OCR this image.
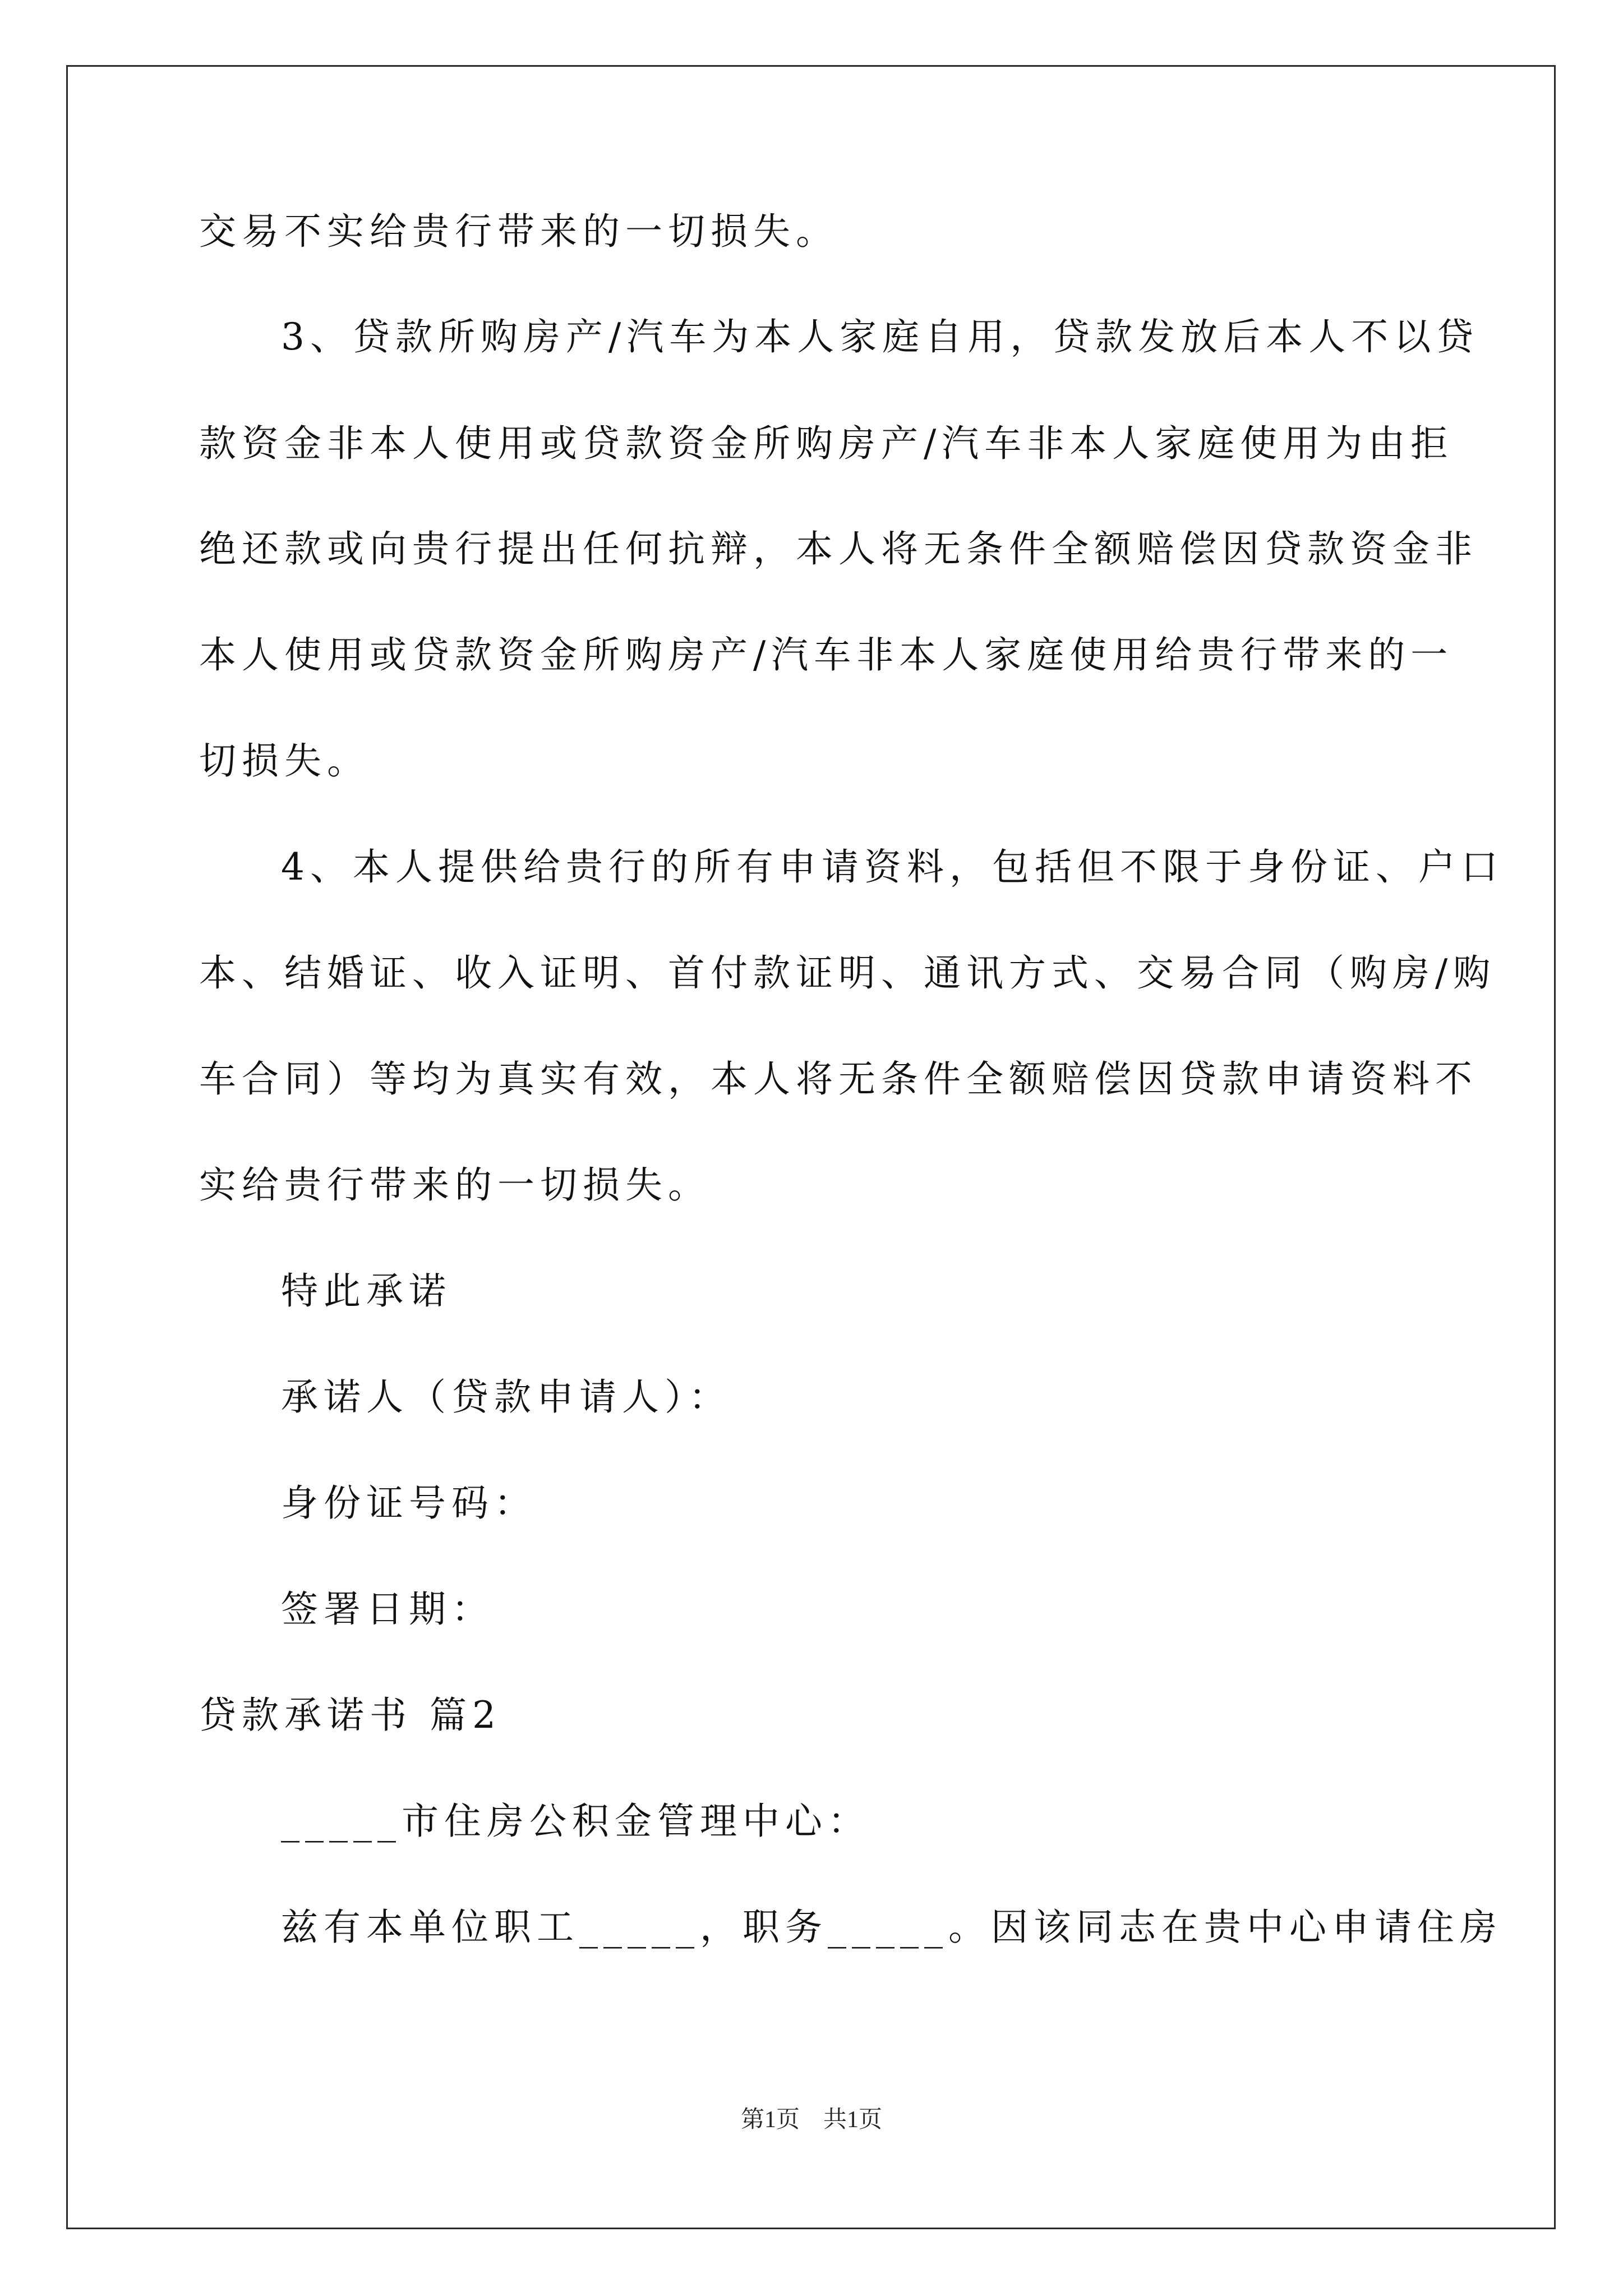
交易不实给贵行带来的一切损失。
3、贷款所购房产/汽车为本人家庭自用，贷款发放后本人不以贷
款资金非本人使用或贷款资金所购房产/汽车非本人家庭使用为由拒
绝还款或向贵行提出任何抗辩，本人将无条件全额赔偿因贷款资金非
本人使用或贷款资金所购房产/汽车非本人家庭使用给贵行带来的一
切损失。
4、本人提供给贵行的所有申请资料，包括但不限于身份证、户口
本、结婚证、收入证明、首付款证明、通讯方式、交易合同（购房/购
车合同）等均为真实有效，本人将无条件全额赔偿因贷款申请资料不
实给贵行带来的一切损失。
特此承诺
承诺人（贷款申请人）：
身份证号码：
签署日期：
贷款承诺书 篇2
_____市住房公积金管理中心：
兹有本单位职工_____，职务_____。因该同志在贵中心申请住房
第1页　共1页
